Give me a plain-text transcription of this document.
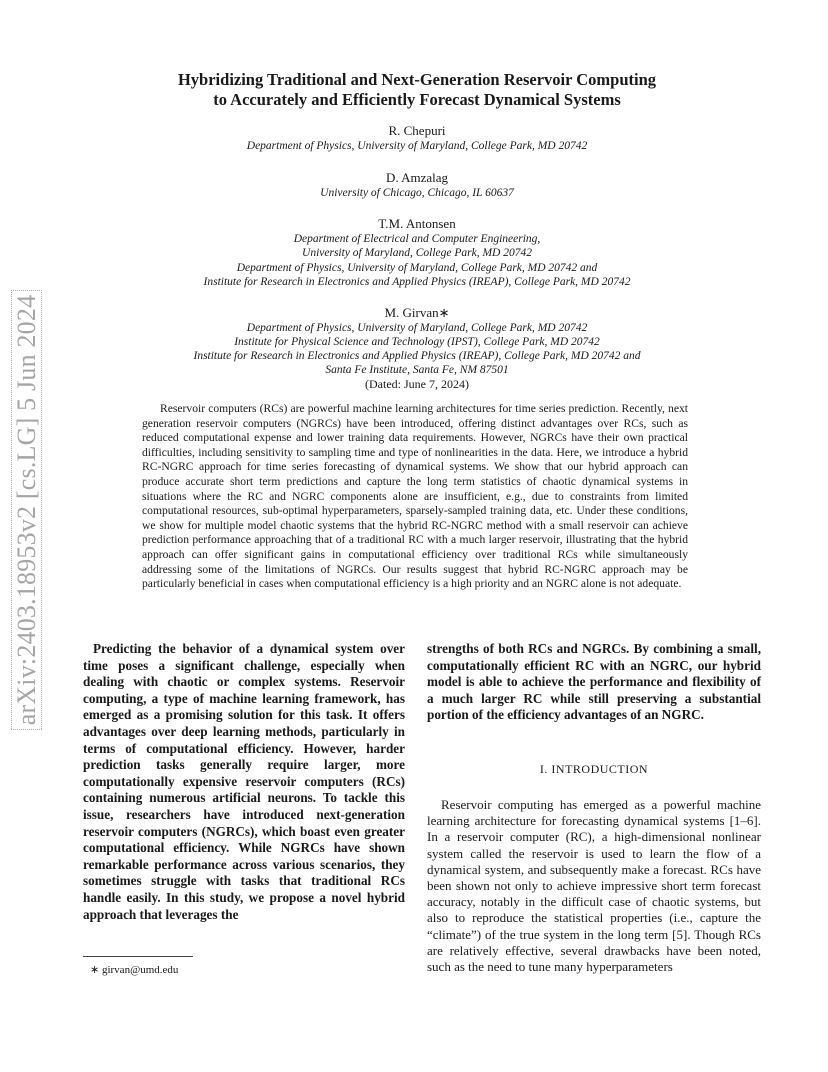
arXiv:2403.18953v2 [cs.LG] 5 Jun 2024
Hybridizing Traditional and Next-Generation Reservoir Computing
to Accurately and Efficiently Forecast Dynamical Systems
R. Chepuri
Department of Physics, University of Maryland, College Park, MD 20742
D. Amzalag
University of Chicago, Chicago, IL 60637
T.M. Antonsen
Department of Electrical and Computer Engineering,
University of Maryland, College Park, MD 20742
Department of Physics, University of Maryland, College Park, MD 20742 and
Institute for Research in Electronics and Applied Physics (IREAP), College Park, MD 20742
M. Girvan∗
Department of Physics, University of Maryland, College Park, MD 20742
Institute for Physical Science and Technology (IPST), College Park, MD 20742
Institute for Research in Electronics and Applied Physics (IREAP), College Park, MD 20742 and
Santa Fe Institute, Santa Fe, NM 87501
(Dated: June 7, 2024)
Reservoir computers (RCs) are powerful machine learning architectures for time series prediction. Recently, next generation reservoir computers (NGRCs) have been introduced, offering distinct advantages over RCs, such as reduced computational expense and lower training data requirements. However, NGRCs have their own practical difficulties, including sensitivity to sampling time and type of nonlinearities in the data. Here, we introduce a hybrid RC-NGRC approach for time series forecasting of dynamical systems. We show that our hybrid approach can produce accurate short term predictions and capture the long term statistics of chaotic dynamical systems in situations where the RC and NGRC components alone are insufficient, e.g., due to constraints from limited computational resources, sub-optimal hyperparameters, sparsely-sampled training data, etc. Under these conditions, we show for multiple model chaotic systems that the hybrid RC-NGRC method with a small reservoir can achieve prediction performance approaching that of a traditional RC with a much larger reservoir, illustrating that the hybrid approach can offer significant gains in computational efficiency over traditional RCs while simultaneously addressing some of the limitations of NGRCs. Our results suggest that hybrid RC-NGRC approach may be particularly beneficial in cases when computational efficiency is a high priority and an NGRC alone is not adequate.
Predicting the behavior of a dynamical system over time poses a significant challenge, especially when dealing with chaotic or complex systems. Reservoir computing, a type of machine learning framework, has emerged as a promising solution for this task. It offers advantages over deep learning methods, particularly in terms of computational efficiency. However, harder prediction tasks generally require larger, more computationally expensive reservoir computers (RCs) containing numerous artificial neurons. To tackle this issue, researchers have introduced next-generation reservoir computers (NGRCs), which boast even greater computational efficiency. While NGRCs have shown remarkable performance across various scenarios, they sometimes struggle with tasks that traditional RCs handle easily. In this study, we propose a novel hybrid approach that leverages the
strengths of both RCs and NGRCs. By combining a small, computationally efficient RC with an NGRC, our hybrid model is able to achieve the performance and flexibility of a much larger RC while still preserving a substantial portion of the efficiency advantages of an NGRC.
I. INTRODUCTION
Reservoir computing has emerged as a powerful machine learning architecture for forecasting dynamical systems [1–6]. In a reservoir computer (RC), a high-dimensional nonlinear system called the reservoir is used to learn the flow of a dynamical system, and subsequently make a forecast. RCs have been shown not only to achieve impressive short term forecast accuracy, notably in the difficult case of chaotic systems, but also to reproduce the statistical properties (i.e., capture the “climate”) of the true system in the long term [5]. Though RCs are relatively effective, several drawbacks have been noted, such as the need to tune many hyperparameters
∗ girvan@umd.edu
